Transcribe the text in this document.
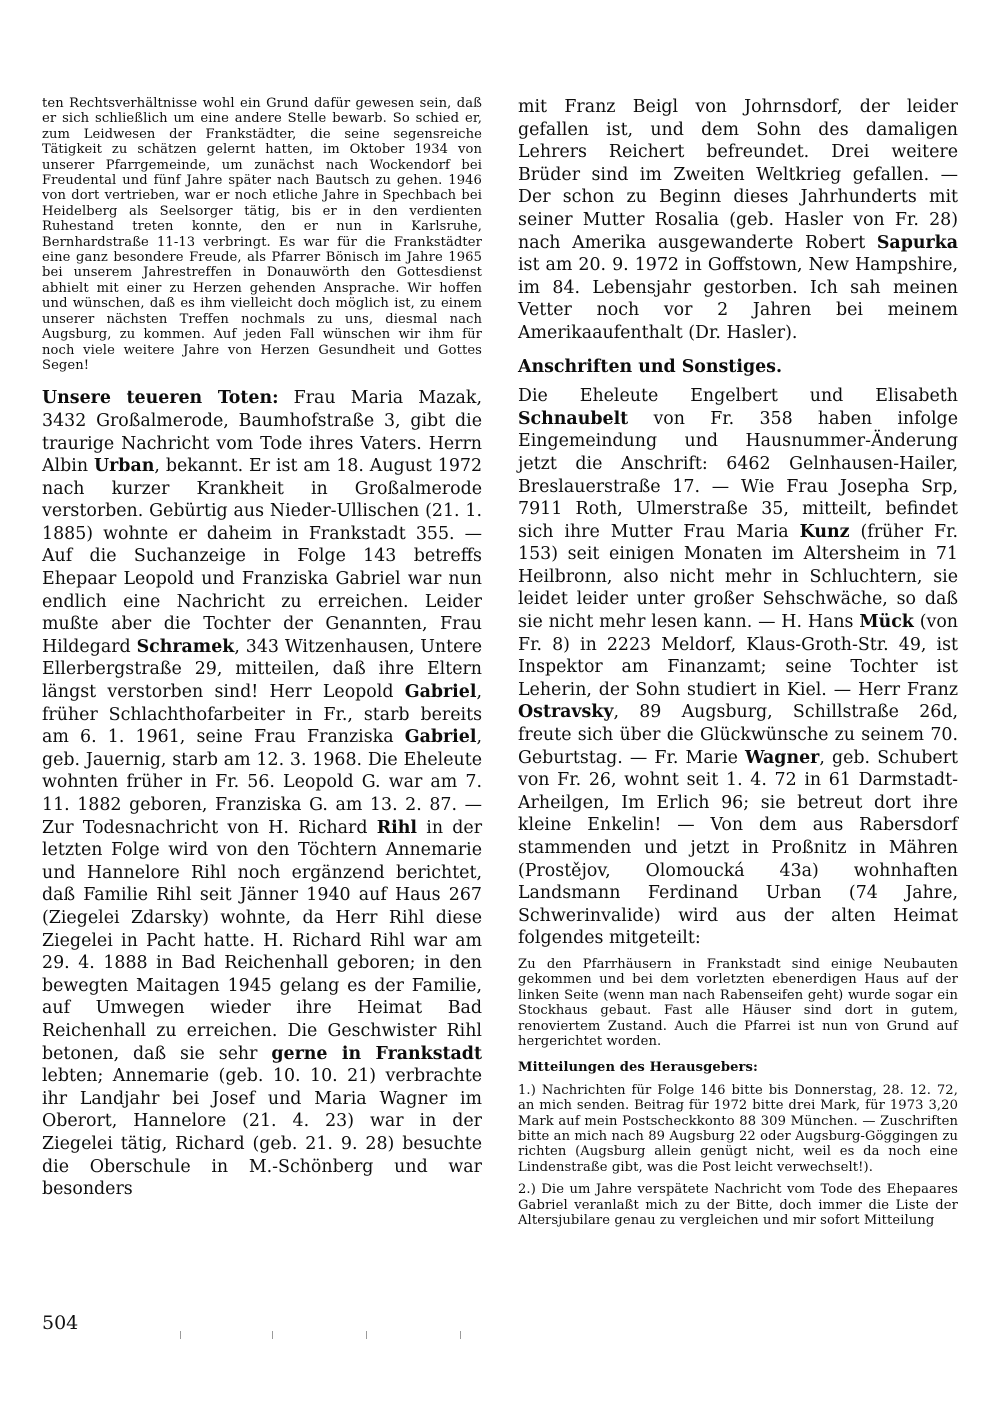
ten Rechtsverhältnisse wohl ein Grund dafür gewesen sein, daß er sich schließlich um eine andere Stelle bewarb. So schied er, zum Leidwesen der Frankstädter, die seine segensreiche Tätigkeit zu schätzen gelernt hatten, im Oktober 1934 von unserer Pfarrgemeinde, um zunächst nach Wockendorf bei Freudental und fünf Jahre später nach Bautsch zu gehen. 1946 von dort vertrieben, war er noch etliche Jahre in Spechbach bei Heidelberg als Seelsorger tätig, bis er in den verdienten Ruhestand treten konnte, den er nun in Karlsruhe, Bernhardstraße 11-13 verbringt. Es war für die Frankstädter eine ganz besondere Freude, als Pfarrer Bönisch im Jahre 1965 bei unserem Jahrestreffen in Donauwörth den Gottesdienst abhielt mit einer zu Herzen gehenden Ansprache. Wir hoffen und wünschen, daß es ihm vielleicht doch möglich ist, zu einem unserer nächsten Treffen nochmals zu uns, diesmal nach Augsburg, zu kommen. Auf jeden Fall wünschen wir ihm für noch viele weitere Jahre von Herzen Gesundheit und Gottes Segen!

Unsere teueren Toten: Frau Maria Mazak, 3432 Großalmerode, Baumhofstraße 3, gibt die traurige Nachricht vom Tode ihres Vaters. Herrn Albin Urban, bekannt. Er ist am 18. August 1972 nach kurzer Krankheit in Großalmerode verstorben. Gebürtig aus Nieder-Ullischen (21. 1. 1885) wohnte er daheim in Frankstadt 355. — Auf die Suchanzeige in Folge 143 betreffs Ehepaar Leopold und Franziska Gabriel war nun endlich eine Nachricht zu erreichen. Leider mußte aber die Tochter der Genannten, Frau Hildegard Schramek, 343 Witzenhausen, Untere Ellerbergstraße 29, mitteilen, daß ihre Eltern längst verstorben sind! Herr Leopold Gabriel, früher Schlachthofarbeiter in Fr., starb bereits am 6. 1. 1961, seine Frau Franziska Gabriel, geb. Jauernig, starb am 12. 3. 1968. Die Eheleute wohnten früher in Fr. 56. Leopold G. war am 7. 11. 1882 geboren, Franziska G. am 13. 2. 87. — Zur Todesnachricht von H. Richard Rihl in der letzten Folge wird von den Töchtern Annemarie und Hannelore Rihl noch ergänzend berichtet, daß Familie Rihl seit Jänner 1940 auf Haus 267 (Ziegelei Zdarsky) wohnte, da Herr Rihl diese Ziegelei in Pacht hatte. H. Richard Rihl war am 29. 4. 1888 in Bad Reichenhall geboren; in den bewegten Maitagen 1945 gelang es der Familie, auf Umwegen wieder ihre Heimat Bad Reichenhall zu erreichen. Die Geschwister Rihl betonen, daß sie sehr gerne in Frankstadt lebten; Annemarie (geb. 10. 10. 21) verbrachte ihr Landjahr bei Josef und Maria Wagner im Oberort, Hannelore (21. 4. 23) war in der Ziegelei tätig, Richard (geb. 21. 9. 28) besuchte die Oberschule in M.-Schönberg und war besonders

mit Franz Beigl von Johrnsdorf, der leider gefallen ist, und dem Sohn des damaligen Lehrers Reichert befreundet. Drei weitere Brüder sind im Zweiten Weltkrieg gefallen. — Der schon zu Beginn dieses Jahrhunderts mit seiner Mutter Rosalia (geb. Hasler von Fr. 28) nach Amerika ausgewanderte Robert Sapurka ist am 20. 9. 1972 in Goffstown, New Hampshire, im 84. Lebensjahr gestorben. Ich sah meinen Vetter noch vor 2 Jahren bei meinem Amerikaaufenthalt (Dr. Hasler).

Anschriften und Sonstiges.

Die Eheleute Engelbert und Elisabeth Schnaubelt von Fr. 358 haben infolge Eingemeindung und Hausnummer-Änderung jetzt die Anschrift: 6462 Gelnhausen-Hailer, Breslauerstraße 17. — Wie Frau Josepha Srp, 7911 Roth, Ulmerstraße 35, mitteilt, befindet sich ihre Mutter Frau Maria Kunz (früher Fr. 153) seit einigen Monaten im Altersheim in 71 Heilbronn, also nicht mehr in Schluchtern, sie leidet leider unter großer Sehschwäche, so daß sie nicht mehr lesen kann. — H. Hans Mück (von Fr. 8) in 2223 Meldorf, Klaus-Groth-Str. 49, ist Inspektor am Finanzamt; seine Tochter ist Leherin, der Sohn studiert in Kiel. — Herr Franz Ostravsky, 89 Augsburg, Schillstraße 26d, freute sich über die Glückwünsche zu seinem 70. Geburtstag. — Fr. Marie Wagner, geb. Schubert von Fr. 26, wohnt seit 1. 4. 72 in 61 Darmstadt-Arheilgen, Im Erlich 96; sie betreut dort ihre kleine Enkelin! — Von dem aus Rabersdorf stammenden und jetzt in Proßnitz in Mähren (Prostějov, Olomoucká 43a) wohnhaften Landsmann Ferdinand Urban (74 Jahre, Schwerinvalide) wird aus der alten Heimat folgendes mitgeteilt:

Zu den Pfarrhäusern in Frankstadt sind einige Neubauten gekommen und bei dem vorletzten ebenerdigen Haus auf der linken Seite (wenn man nach Rabenseifen geht) wurde sogar ein Stockhaus gebaut. Fast alle Häuser sind dort in gutem, renoviertem Zustand. Auch die Pfarrei ist nun von Grund auf hergerichtet worden.

Mitteilungen des Herausgebers:

1.) Nachrichten für Folge 146 bitte bis Donnerstag, 28. 12. 72, an mich senden. Beitrag für 1972 bitte drei Mark, für 1973 3,20 Mark auf mein Postscheckkonto 88 309 München. — Zuschriften bitte an mich nach 89 Augsburg 22 oder Augsburg-Göggingen zu richten (Augsburg allein genügt nicht, weil es da noch eine Lindenstraße gibt, was die Post leicht verwechselt!).

2.) Die um Jahre verspätete Nachricht vom Tode des Ehepaares Gabriel veranlaßt mich zu der Bitte, doch immer die Liste der Altersjubilare genau zu vergleichen und mir sofort Mitteilung

504
